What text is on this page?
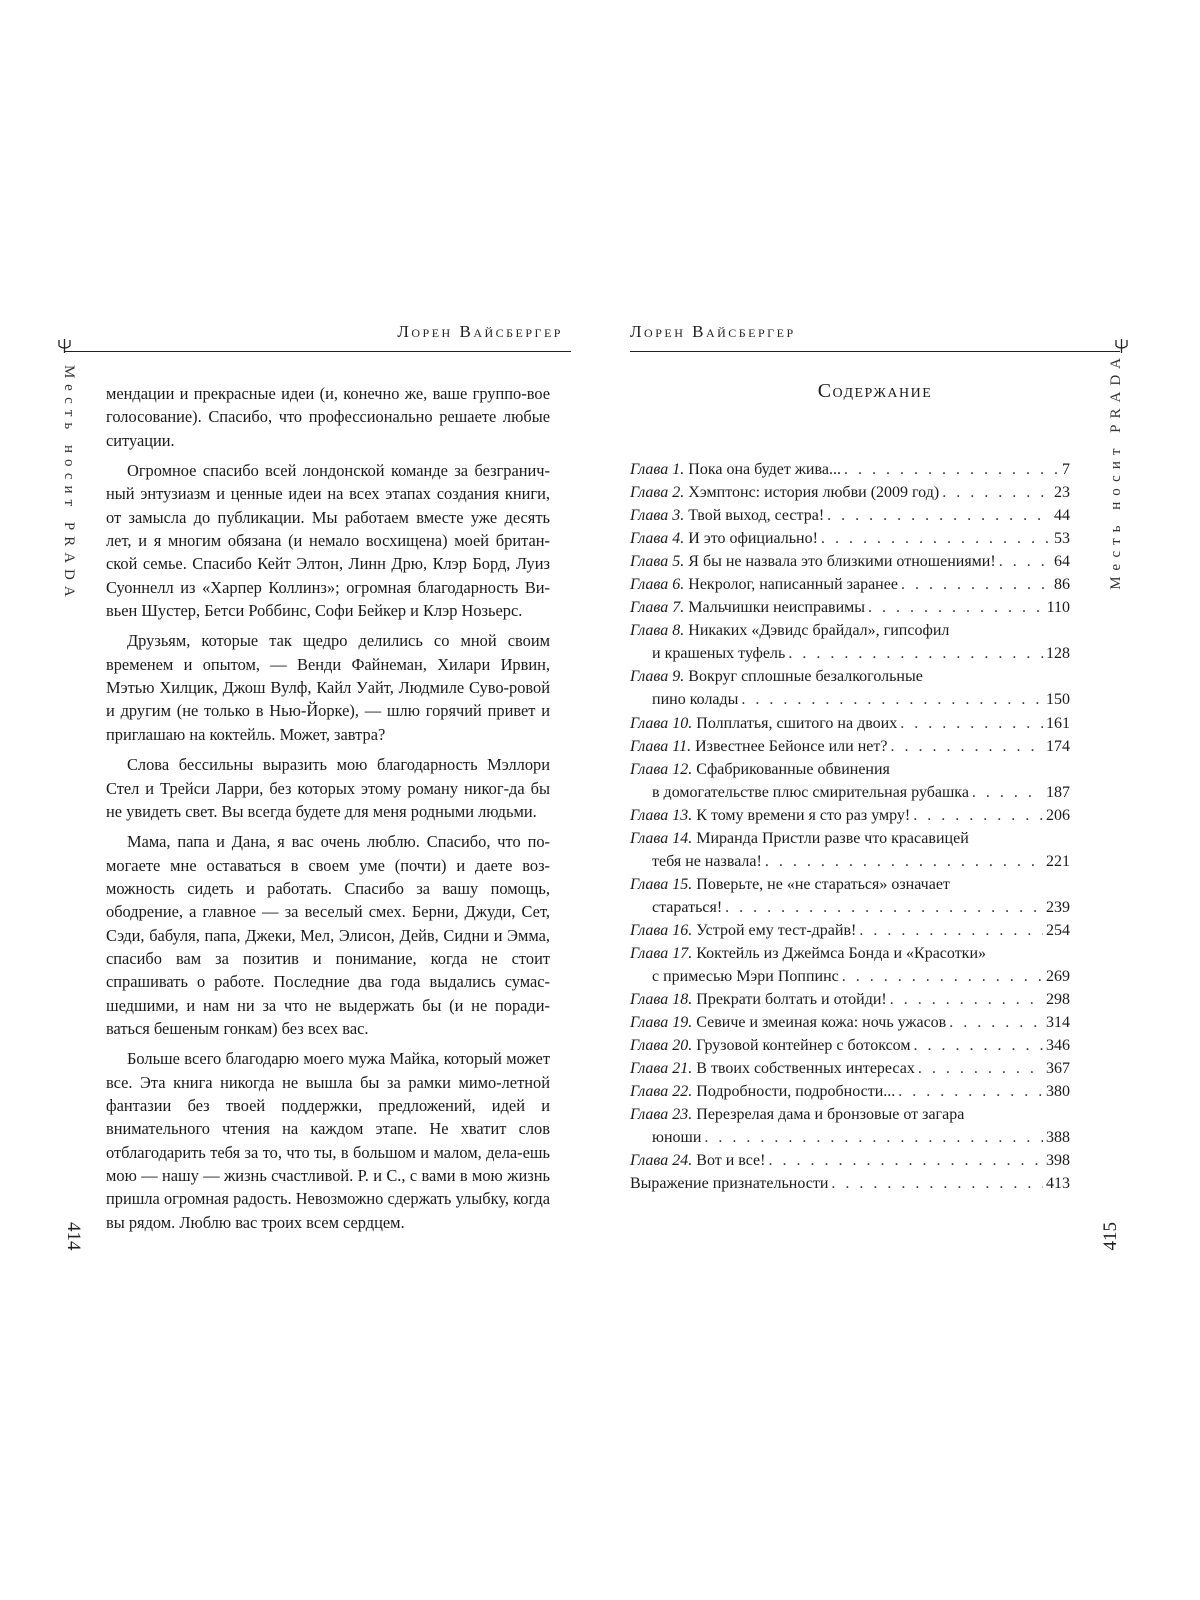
Лорен Вайсбергер
Месть носит PRADA мендации и прекрасные идеи (и, конечно же, ваше группо-вое голосование). Спасибо, что профессионально решаете любые ситуации.

Огромное спасибо всей лондонской команде за безгранич-ный энтузиазм и ценные идеи на всех этапах создания книги, от замысла до публикации. Мы работаем вместе уже десять лет, и я многим обязана (и немало восхищена) моей британ-ской семье. Спасибо Кейт Элтон, Линн Дрю, Клэр Борд, Луиз Суоннелл из «Харпер Коллинз»; огромная благодарность Ви-вьен Шустер, Бетси Роббинс, Софи Бейкер и Клэр Нозьерс.

Друзьям, которые так щедро делились со мной своим временем и опытом, — Венди Файнеман, Хилари Ирвин, Мэтью Хилцик, Джош Вулф, Кайл Уайт, Людмиле Суво-ровой и другим (не только в Нью-Йорке), — шлю горячий привет и приглашаю на коктейль. Может, завтра?

Слова бессильны выразить мою благодарность Мэллори Стел и Трейси Ларри, без которых этому роману никог-да бы не увидеть свет. Вы всегда будете для меня родными людьми.

Мама, папа и Дана, я вас очень люблю. Спасибо, что по-могаете мне оставаться в своем уме (почти) и даете воз-можность сидеть и работать. Спасибо за вашу помощь, ободрение, а главное — за веселый смех. Берни, Джуди, Сет, Сэди, бабуля, папа, Джеки, Мел, Элисон, Дейв, Сидни и Эмма, спасибо вам за позитив и понимание, когда не стоит спрашивать о работе. Последние два года выдались сумас-шедшими, и нам ни за что не выдержать бы (и не поради-ваться бешеным гонкам) без всех вас.

Больше всего благодарю моего мужа Майка, который может все. Эта книга никогда не вышла бы за рамки мимо-летной фантазии без твоей поддержки, предложений, идей и внимательного чтения на каждом этапе. Не хватит слов отблагодарить тебя за то, что ты, в большом и малом, дела-ешь мою — нашу — жизнь счастливой. Р. и С., с вами в мою жизнь пришла огромная радость. Невозможно сдержать улыбку, когда вы рядом. Люблю вас троих всем сердцем.

414
Лорен Вайсбергер
Месть носит PRADA
Содержание
Глава 1. Пока она будет жива... . . .	7
Глава 2. Хэмптонс: история любви (2009 год) . . .	23
Глава 3. Твой выход, сестра! . . .	44
Глава 4. И это официально! . . .	53
Глава 5. Я бы не назвала это близкими отношениями! . . .	64
Глава 6. Некролог, написанный заранее . . .	86
Глава 7. Мальчишки неисправимы . . .	110
Глава 8. Никаких «Дэвидс брайдал», гипсофил
и крашеных туфель . . .	128
Глава 9. Вокруг сплошные безалкогольные
пино колады . . .	150
Глава 10. Полплатья, сшитого на двоих . . .	161
Глава 11. Известнее Бейонсе или нет? . . .	174
Глава 12. Сфабрикованные обвинения
в домогательстве плюс смирительная рубашка . . .	187
Глава 13. К тому времени я сто раз умру! . . .	206
Глава 14. Миранда Пристли разве что красавицей
тебя не назвала! . . .	221
Глава 15. Поверьте, не «не стараться» означает
стараться! . . .	239
Глава 16. Устрой ему тест-драйв! . . .	254
Глава 17. Коктейль из Джеймса Бонда и «Красотки»
с примесью Мэри Поппинс . . .	269
Глава 18. Прекрати болтать и отойди! . . .	298
Глава 19. Севиче и змеиная кожа: ночь ужасов . . .	314
Глава 20. Грузовой контейнер с ботоксом . . .	346
Глава 21. В твоих собственных интересах . . .	367
Глава 22. Подробности, подробности... . . .	380
Глава 23. Перезрелая дама и бронзовые от загара
юноши . . .	388
Глава 24. Вот и все! . . .	398
Выражение признательности . . .	413
415
